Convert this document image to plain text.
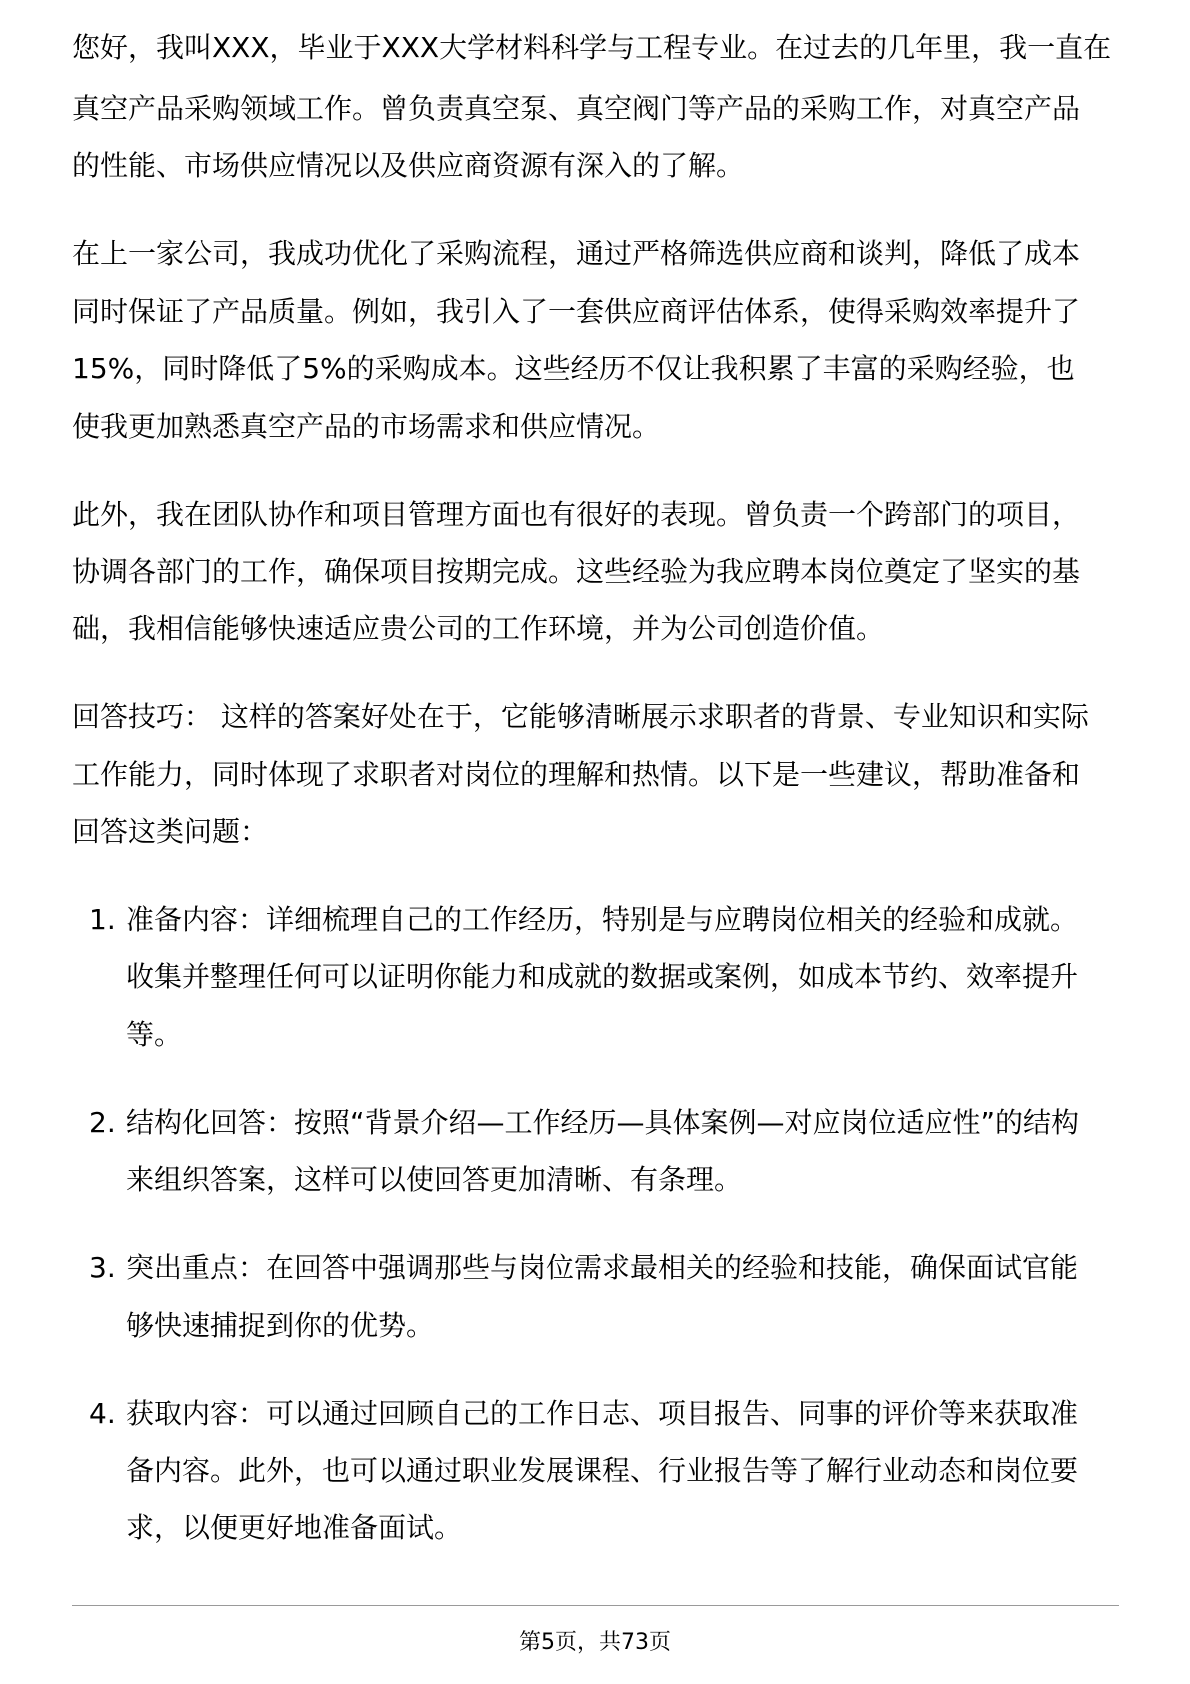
您好，我叫XXX，毕业于XXX大学材料科学与工程专业。在过去的几年里，我一直在
真空产品采购领域工作。曾负责真空泵、真空阀门等产品的采购工作，对真空产品
的性能、市场供应情况以及供应商资源有深入的了解。
在上一家公司，我成功优化了采购流程，通过严格筛选供应商和谈判，降低了成本
同时保证了产品质量。例如，我引入了一套供应商评估体系，使得采购效率提升了
15%，同时降低了5%的采购成本。这些经历不仅让我积累了丰富的采购经验，也
使我更加熟悉真空产品的市场需求和供应情况。
此外，我在团队协作和项目管理方面也有很好的表现。曾负责一个跨部门的项目，
协调各部门的工作，确保项目按期完成。这些经验为我应聘本岗位奠定了坚实的基
础，我相信能够快速适应贵公司的工作环境，并为公司创造价值。
回答技巧： 这样的答案好处在于，它能够清晰展示求职者的背景、专业知识和实际
工作能力，同时体现了求职者对岗位的理解和热情。以下是一些建议，帮助准备和
回答这类问题：
1. 准备内容：详细梳理自己的工作经历，特别是与应聘岗位相关的经验和成就。
收集并整理任何可以证明你能力和成就的数据或案例，如成本节约、效率提升
等。
2. 结构化回答：按照“背景介绍—工作经历—具体案例—对应岗位适应性”的结构
来组织答案，这样可以使回答更加清晰、有条理。
3. 突出重点：在回答中强调那些与岗位需求最相关的经验和技能，确保面试官能
够快速捕捉到你的优势。
4. 获取内容：可以通过回顾自己的工作日志、项目报告、同事的评价等来获取准
备内容。此外，也可以通过职业发展课程、行业报告等了解行业动态和岗位要
求，以便更好地准备面试。
第5页，共73页
